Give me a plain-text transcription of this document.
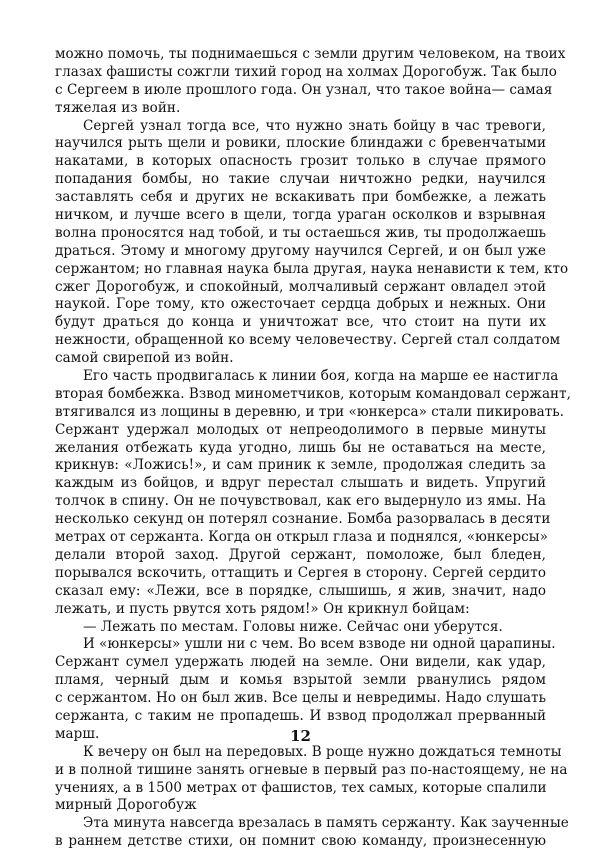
можно помочь, ты поднимаешься с земли другим человеком, на твоих
глазах фашисты сожгли тихий город на холмах Дорогобуж. Так было
с Сергеем в июле прошлого года. Он узнал, что такое война— самая
тяжелая из войн.
Сергей узнал тогда все, что нужно знать бойцу в час тревоги,
научился рыть щели и ровики, плоские блиндажи с бревенчатыми
накатами, в которых опасность грозит только в случае прямого
попадания бомбы, но такие случаи ничтожно редки, научился
заставлять себя и других не вскакивать при бомбежке, а лежать
ничком, и лучше всего в щели, тогда ураган осколков и взрывная
волна проносятся над тобой, и ты остаешься жив, ты продолжаешь
драться. Этому и многому другому научился Сергей, и он был уже
сержантом; но главная наука была другая, наука ненависти к тем, кто
сжег Дорогобуж, и спокойный, молчаливый сержант овладел этой
наукой. Горе тому, кто ожесточает сердца добрых и нежных. Они
будут драться до конца и уничтожат все, что стоит на пути их
нежности, обращенной ко всему человечеству. Сергей стал солдатом
самой свирепой из войн.
Его часть продвигалась к линии боя, когда на марше ее настигла
вторая бомбежка. Взвод минометчиков, которым командовал сержант,
втягивался из лощины в деревню, и три «юнкерса» стали пикировать.
Сержант удержал молодых от непреодолимого в первые минуты
желания отбежать куда угодно, лишь бы не оставаться на месте,
крикнув: «Ложись!», и сам приник к земле, продолжая следить за
каждым из бойцов, и вдруг перестал слышать и видеть. Упругий
толчок в спину. Он не почувствовал, как его выдернуло из ямы. На
несколько секунд он потерял сознание. Бомба разорвалась в десяти
метрах от сержанта. Когда он открыл глаза и поднялся, «юнкерсы»
делали второй заход. Другой сержант, помоложе, был бледен,
порывался вскочить, оттащить и Сергея в сторону. Сергей сердито
сказал ему: «Лежи, все в порядке, слышишь, я жив, значит, надо
лежать, и пусть рвутся хоть рядом!» Он крикнул бойцам:
— Лежать по местам. Головы ниже. Сейчас они уберутся.
И «юнкерсы» ушли ни с чем. Во всем взводе ни одной царапины.
Сержант сумел удержать людей на земле. Они видели, как удар,
пламя, черный дым и комья взрытой земли рванулись рядом
с сержантом. Но он был жив. Все целы и невредимы. Надо слушать
сержанта, с таким не пропадешь. И взвод продолжал прерванный
марш.
К вечеру он был на передовых. В роще нужно дождаться темноты
и в полной тишине занять огневые в первый раз по-настоящему, не на
учениях, а в 1500 метрах от фашистов, тех самых, которые спалили
мирный Дорогобуж
Эта минута навсегда врезалась в память сержанту. Как заученные
в раннем детстве стихи, он помнит свою команду, произнесенную
12
